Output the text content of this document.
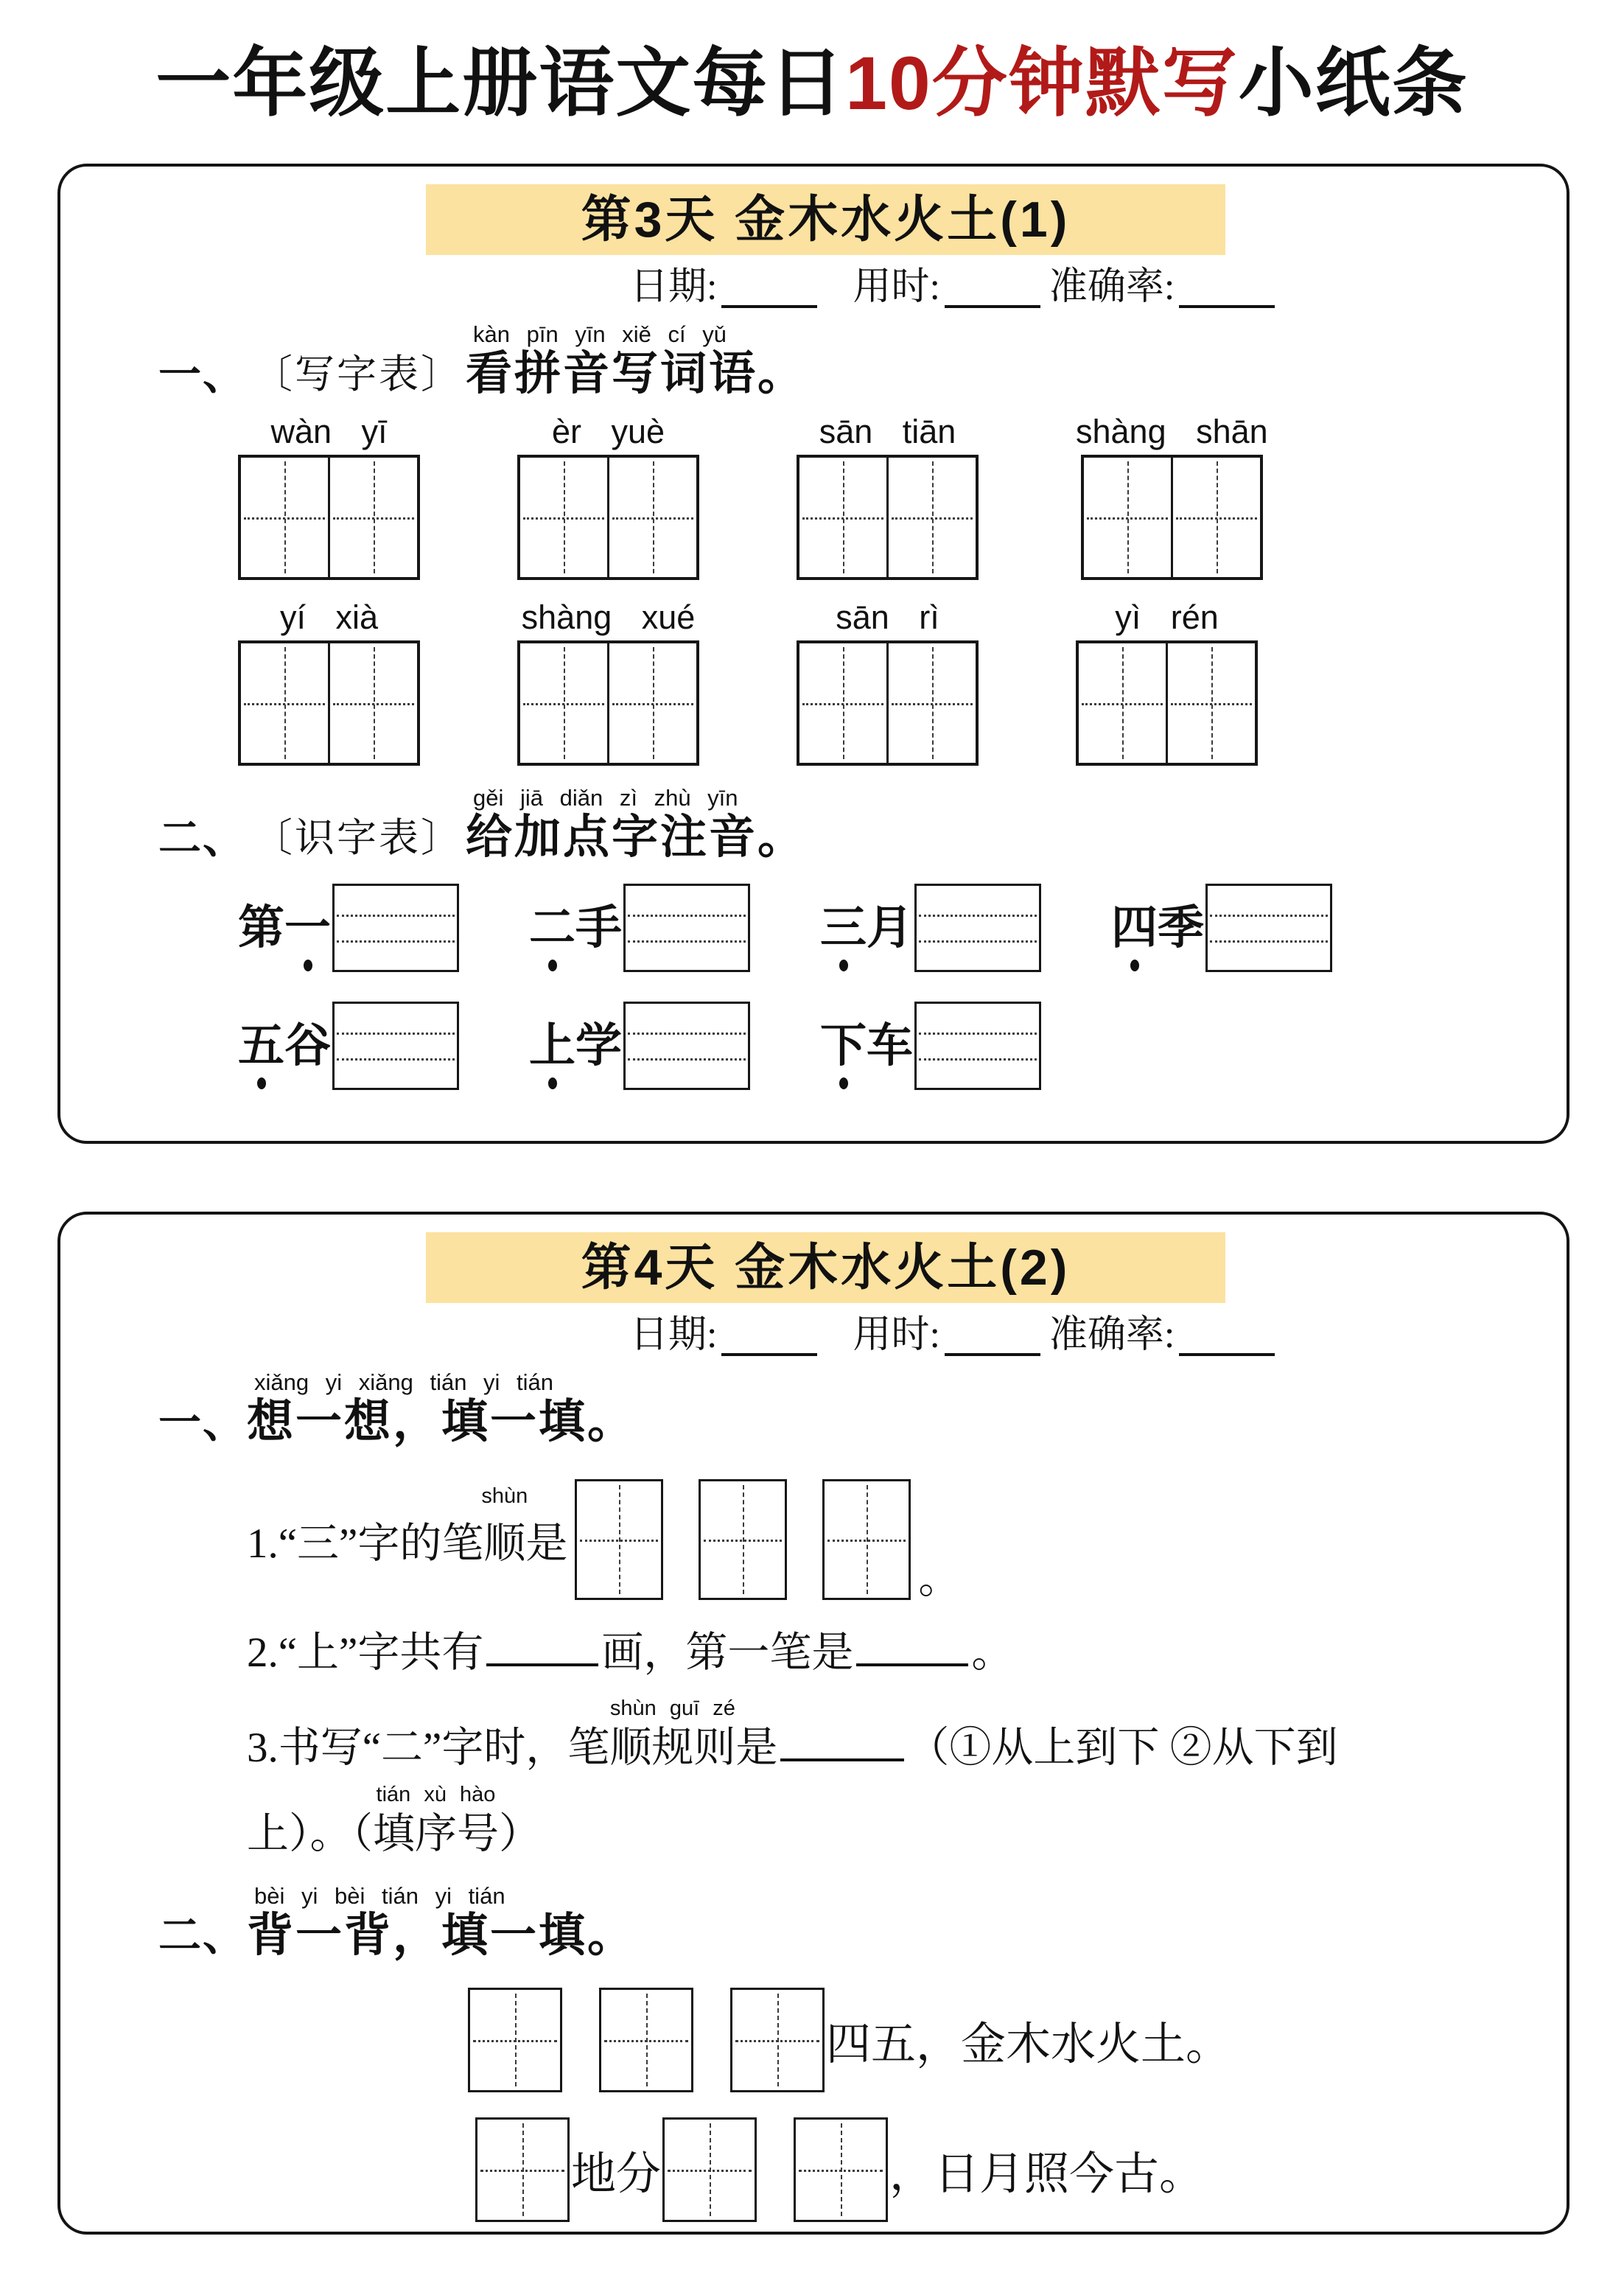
一年级上册语文每日10分钟默写小纸条
第3天 金木水火土(1)
日期:	用时:	准确率:
一、 〔写字表〕
kàn pīn yīn xiě cí yǔ
看拼音写词语。
wàn yī	èr yuè	sān tiān	shàng shān
yí xià	shàng xué	sān rì	yì rén
二、 〔识字表〕
gěi jiā diǎn zì zhù yīn
给加点字注音。
第 一	二 手	三 月	四 季
五 谷	上 学	下 车
第4天 金木水火土(2)
日期:	用时:	准确率:
一、
xiǎng yi xiǎng tián yi tián
想一想，填一填。
1.“三”字的笔
shùn
顺是
。
2.“上”字共有	画，第一笔是	。
3.书写“二”字时，笔
shùn guī zé
顺规则是	（①从上到下 ②从下到
上）。（
tián xù hào
填序号）
二、
bèi yi bèi tián yi tián
背一背，填一填。
四五，金木水火土。
地分	，日月照今古。
